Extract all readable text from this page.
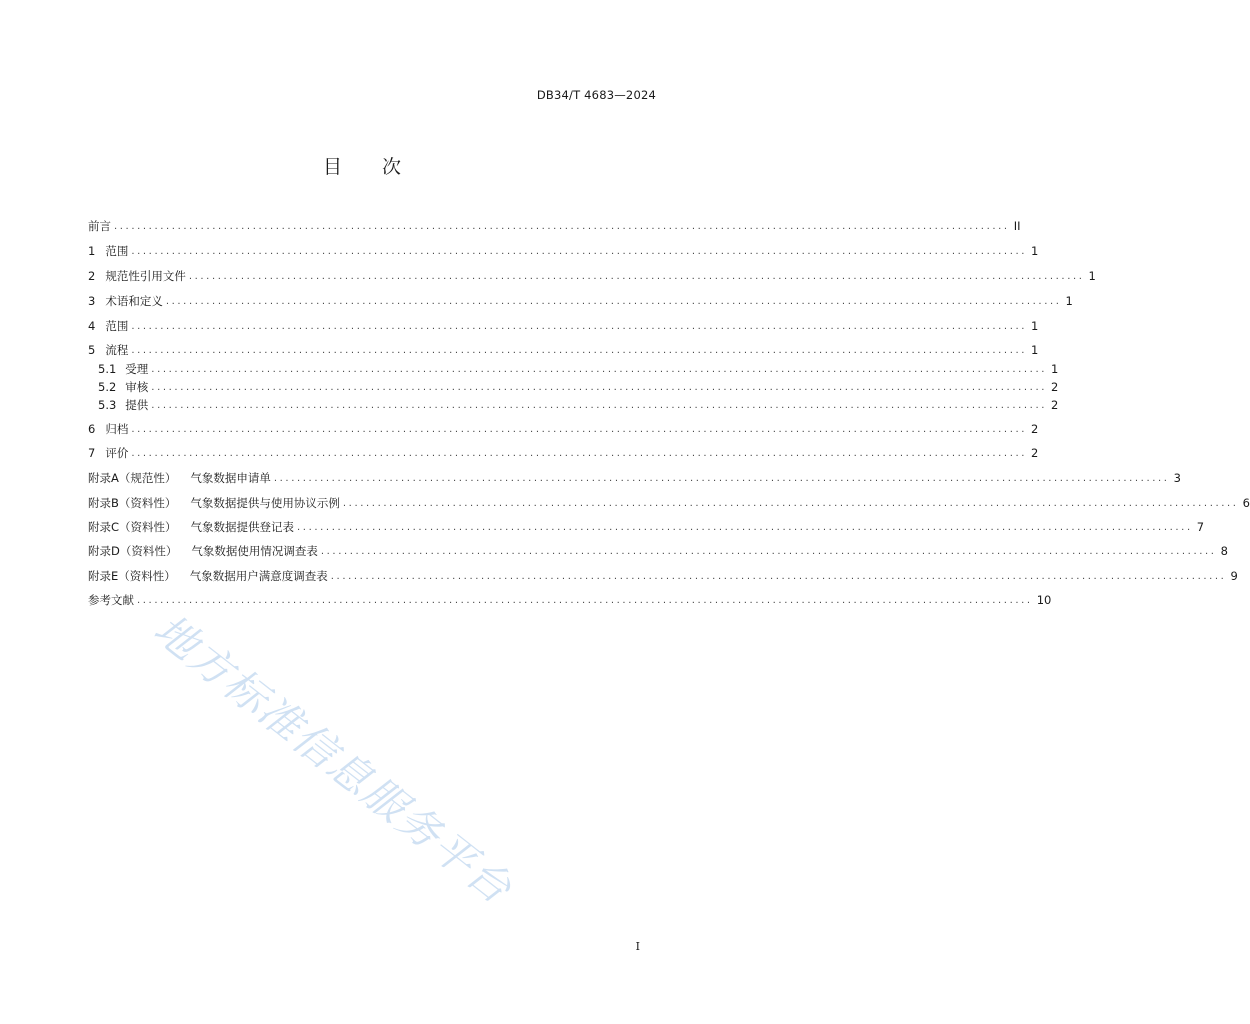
DB34/T 4683—2024
目 次
前言 ........................................................................................................................................................... II
1 范围 ........................................................................................................................................................... 1
2 规范性引用文件 ........................................................................................................................................................... 1
3 术语和定义 ........................................................................................................................................................... 1
4 范围 ........................................................................................................................................................... 1
5 流程 ........................................................................................................................................................... 1
5.1 受理 ........................................................................................................................................................... 1
5.2 审核 ........................................................................................................................................................... 2
5.3 提供 ........................................................................................................................................................... 2
6 归档 ........................................................................................................................................................... 2
7 评价 ........................................................................................................................................................... 2
附录A（规范性） 气象数据申请单 ........................................................................................................................................................... 3
附录B（资料性） 气象数据提供与使用协议示例 ........................................................................................................................................................... 6
附录C（资料性） 气象数据提供登记表 ........................................................................................................................................................... 7
附录D（资料性） 气象数据使用情况调查表 ........................................................................................................................................................... 8
附录E（资料性） 气象数据用户满意度调查表 ........................................................................................................................................................... 9
参考文献 ........................................................................................................................................................... 10
地方标准信息服务平台
I
